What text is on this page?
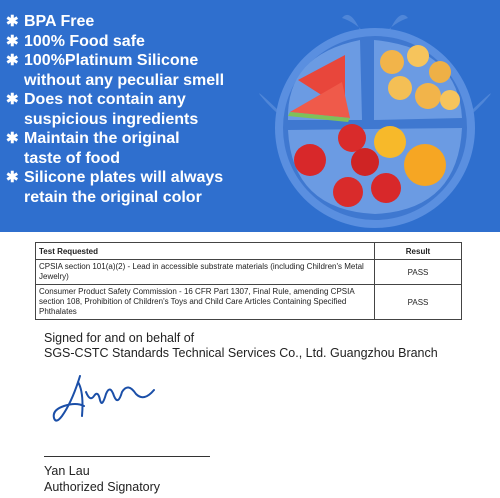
✱ BPA Free
✱ 100% Food safe
✱ 100%Platinum Silicone
without any peculiar smell
✱ Does not contain any
suspicious ingredients
✱ Maintain the original
taste of food
✱ Silicone plates will always
retain the original color
Test Requested	Result
CPSIA section 101(a)(2) - Lead in accessible substrate materials (including Children's Metal Jewelry)	PASS
Consumer Product Safety Commission - 16 CFR Part 1307, Final Rule, amending CPSIA section 108, Prohibition of Children's Toys and Child Care Articles Containing Specified Phthalates	PASS
Signed for and on behalf of
SGS-CSTC Standards Technical Services Co., Ltd. Guangzhou Branch
Yan Lau
Authorized Signatory
